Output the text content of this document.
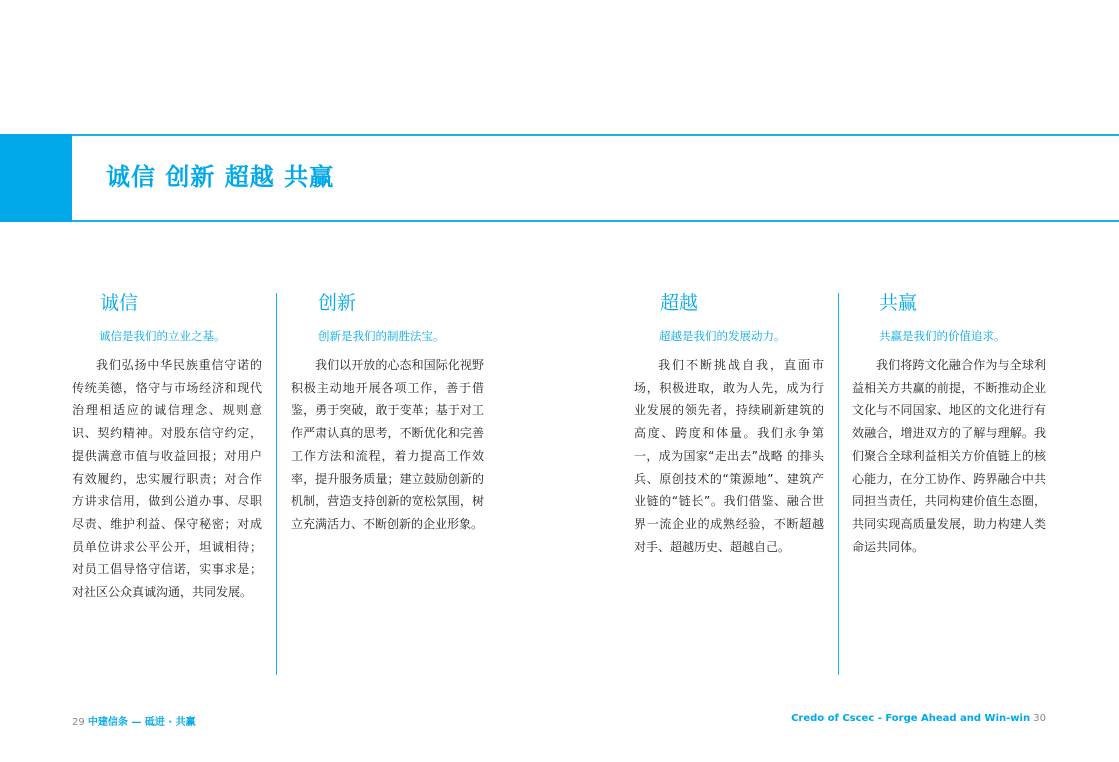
诚信 创新 超越 共赢
诚信

诚信是我们的立业之基。

我们弘扬中华民族重信守诺的传统美德，恪守与市场经济和现代治理相适应的诚信理念、规则意识、契约精神。对股东信守约定，提供满意市值与收益回报；对用户有效履约，忠实履行职责；对合作方讲求信用，做到公道办事、尽职尽责、维护利益、保守秘密；对成员单位讲求公平公开，坦诚相待；对员工倡导恪守信诺，实事求是；对社区公众真诚沟通，共同发展。

创新

创新是我们的制胜法宝。

我们以开放的心态和国际化视野积极主动地开展各项工作，善于借鉴，勇于突破，敢于变革；基于对工作严肃认真的思考，不断优化和完善工作方法和流程，着力提高工作效率，提升服务质量；建立鼓励创新的机制，营造支持创新的宽松氛围，树立充满活力、不断创新的企业形象。

超越

超越是我们的发展动力。

我们不断挑战自我，直面市场，积极进取，敢为人先，成为行业发展的领先者，持续刷新建筑的高度、跨度和体量。我们永争第一，成为国家“走出去”战略 的排头兵、原创技术的“策源地”、建筑产业链的“链长”。我们借鉴、融合世界一流企业的成熟经验，不断超越对手、超越历史、超越自己。

共赢

共赢是我们的价值追求。

我们将跨文化融合作为与全球利益相关方共赢的前提，不断推动企业文化与不同国家、地区的文化进行有效融合，增进双方的了解与理解。我们聚合全球利益相关方价值链上的核心能力，在分工协作、跨界融合中共同担当责任，共同构建价值生态圈，共同实现高质量发展，助力构建人类命运共同体。

29 中建信条 — 砥进 · 共赢	Credo of Cscec - Forge Ahead and Win-win 30
